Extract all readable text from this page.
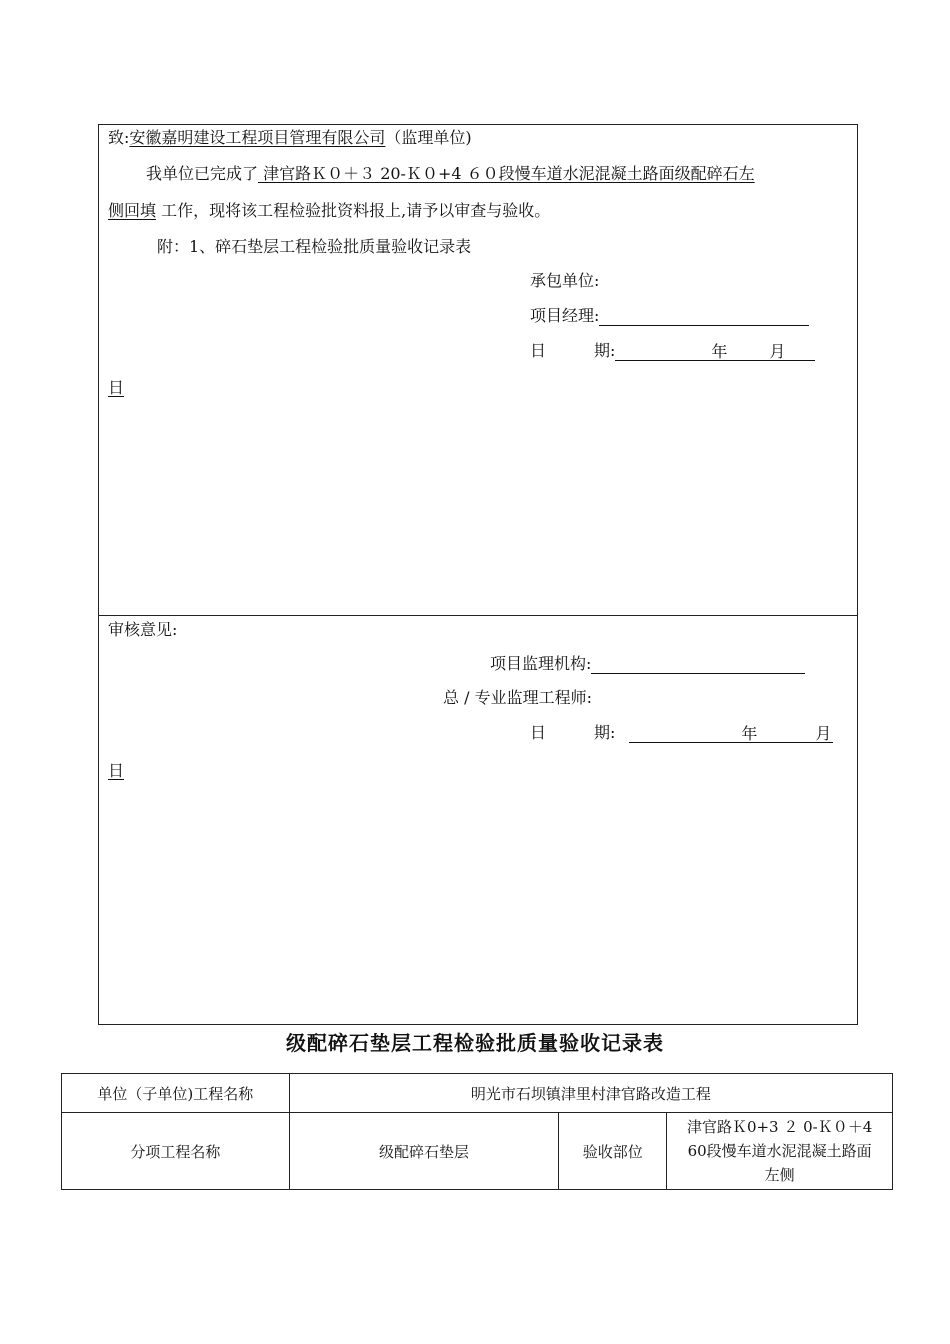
致:安徽嘉明建设工程项目管理有限公司（监理单位)
我单位已完成了 津官路Ｋ０＋３ 20-Ｋ０+4 ６０段慢车道水泥混凝土路面级配碎石左
侧回填 工作，现将该工程检验批资料报上,请予以审查与验收。
附：1、碎石垫层工程检验批质量验收记录表
承包单位:
项目经理:
日　　　期:	年	月
日
审核意见:
项目监理机构:
总 / 专业监理工程师:
日　　　期:	年	月
日
级配碎石垫层工程检验批质量验收记录表
单位（子单位)工程名称	明光市石坝镇津里村津官路改造工程		
分项工程名称	级配碎石垫层	验收部位	津官路Ｋ0+3 ２ 0-Ｋ０＋4
60段慢车道水泥混凝土路面
左侧
